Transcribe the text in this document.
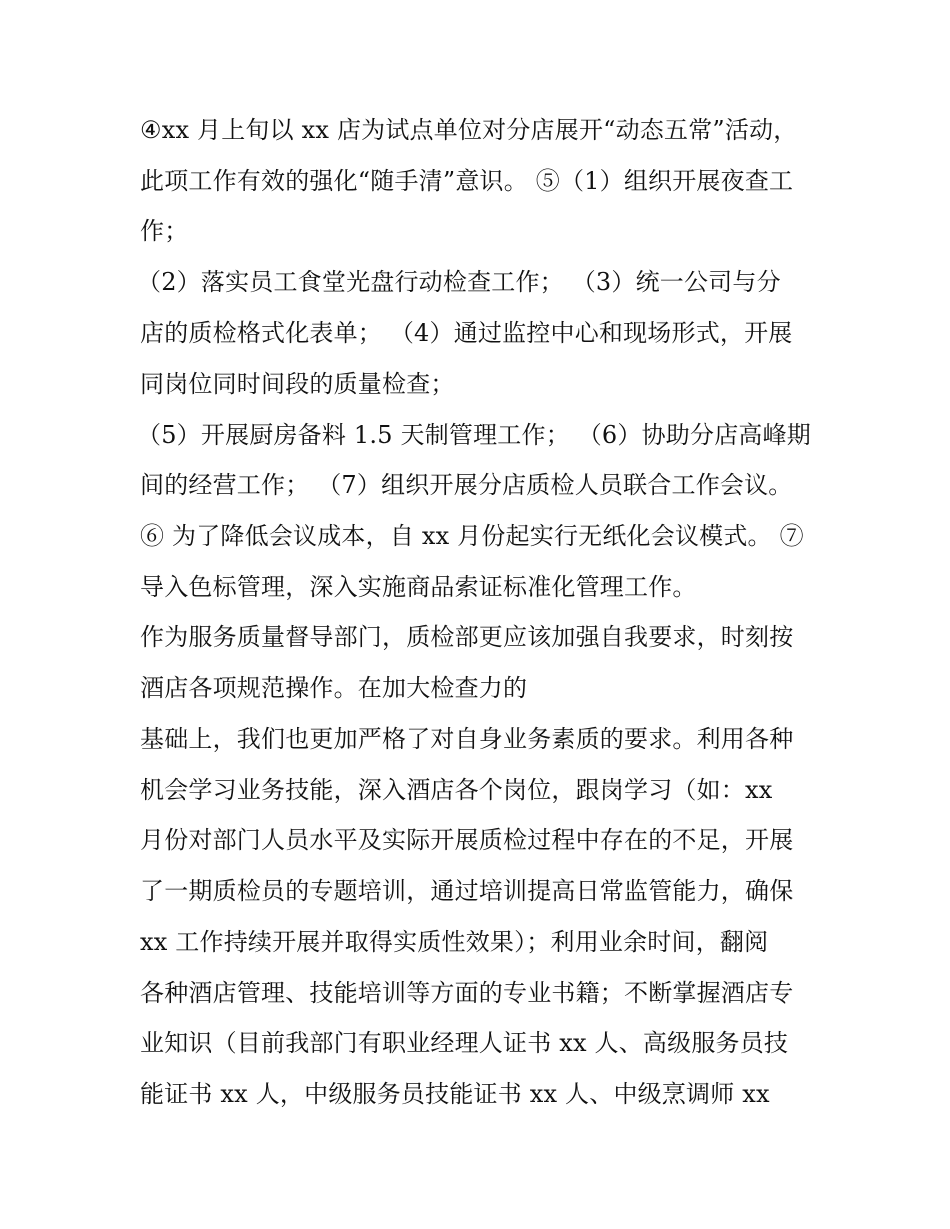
④xx 月上旬以 xx 店为试点单位对分店展开“动态五常”活动，
此项工作有效的强化“随手清”意识。 ⑤（1）组织开展夜查工
作；
（2）落实员工食堂光盘行动检查工作； （3）统一公司与分
店的质检格式化表单； （4）通过监控中心和现场形式，开展
同岗位同时间段的质量检查；
（5）开展厨房备料 1.5 天制管理工作； （6）协助分店高峰期
间的经营工作； （7）组织开展分店质检人员联合工作会议。
⑥ 为了降低会议成本，自 xx 月份起实行无纸化会议模式。 ⑦
导入色标管理，深入实施商品索证标准化管理工作。
作为服务质量督导部门，质检部更应该加强自我要求，时刻按
酒店各项规范操作。在加大检查力的
基础上，我们也更加严格了对自身业务素质的要求。利用各种
机会学习业务技能，深入酒店各个岗位，跟岗学习（如：xx
月份对部门人员水平及实际开展质检过程中存在的不足，开展
了一期质检员的专题培训，通过培训提高日常监管能力，确保
xx 工作持续开展并取得实质性效果）；利用业余时间，翻阅
各种酒店管理、技能培训等方面的专业书籍；不断掌握酒店专
业知识（目前我部门有职业经理人证书 xx 人、高级服务员技
能证书 xx 人，中级服务员技能证书 xx 人、中级烹调师 xx
